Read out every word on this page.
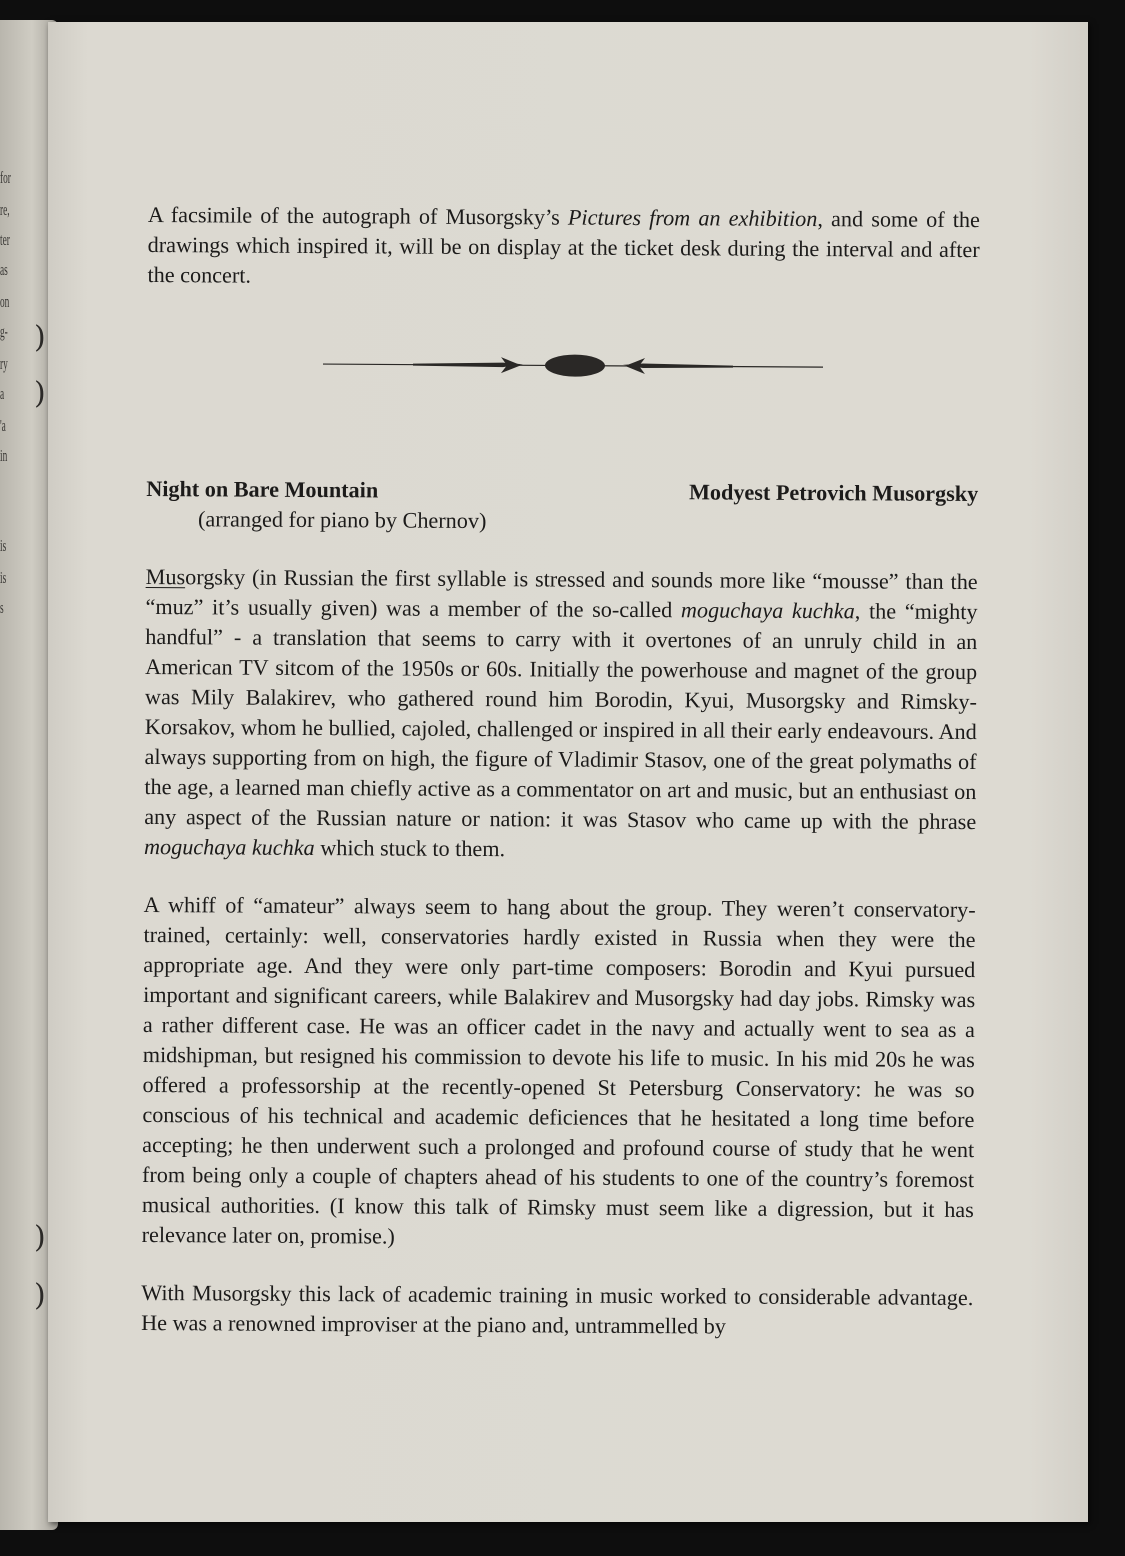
for
re,
ter
as
on
g-
ry
a
'a
in
is
is
s
)
)
)
)

A facsimile of the autograph of Musorgsky’s Pictures from an exhibition, and some of the drawings which inspired it, will be on display at the ticket desk during the interval and after the concert.

Night on Bare Mountain
(arranged for piano by Chernov)
Modyest Petrovich Musorgsky

Musorgsky (in Russian the first syllable is stressed and sounds more like “mousse” than the “muz” it’s usually given) was a member of the so-called moguchaya kuchka, the “mighty handful” - a translation that seems to carry with it overtones of an unruly child in an American TV sitcom of the 1950s or 60s. Initially the powerhouse and magnet of the group was Mily Balakirev, who gathered round him Borodin, Kyui, Musorgsky and Rimsky-Korsakov, whom he bullied, cajoled, challenged or inspired in all their early endeavours. And always supporting from on high, the figure of Vladimir Stasov, one of the great polymaths of the age, a learned man chiefly active as a commentator on art and music, but an enthusiast on any aspect of the Russian nature or nation: it was Stasov who came up with the phrase moguchaya kuchka which stuck to them.

A whiff of “amateur” always seem to hang about the group. They weren’t conservatory-trained, certainly: well, conservatories hardly existed in Russia when they were the appropriate age. And they were only part-time composers: Borodin and Kyui pursued important and significant careers, while Balakirev and Musorgsky had day jobs. Rimsky was a rather different case. He was an officer cadet in the navy and actually went to sea as a midshipman, but resigned his commission to devote his life to music. In his mid 20s he was offered a professorship at the recently-opened St Petersburg Conservatory: he was so conscious of his technical and academic deficiences that he hesitated a long time before accepting; he then underwent such a prolonged and profound course of study that he went from being only a couple of chapters ahead of his students to one of the country’s foremost musical authorities. (I know this talk of Rimsky must seem like a digression, but it has relevance later on, promise.)

With Musorgsky this lack of academic training in music worked to considerable advantage. He was a renowned improviser at the piano and, untrammelled by
